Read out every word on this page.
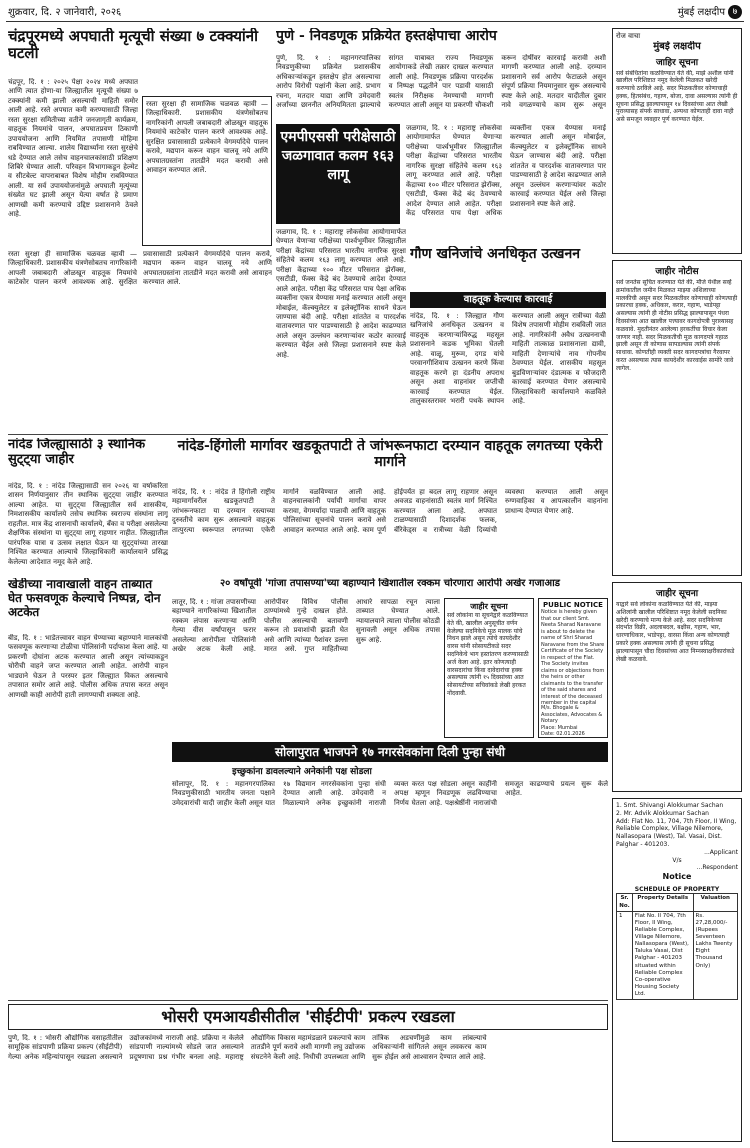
शुक्रवार, दि. २ जानेवारी, २०२६	मुंबई लक्षदीप ७
चंद्रपूरमध्ये अपघाती मृत्यूची संख्या ७ टक्क्यांनी घटली
चंद्रपूर, दि. १ : २०२५ पेक्षा २०२४ मध्ये अपघात आणि त्यात होणा-या जिल्ह्यातील मृत्यूची संख्या ७ टक्क्यांनी कमी झाली असल्याची माहिती समोर आली आहे. रस्ते अपघात कमी करण्यासाठी जिल्हा रस्ता सुरक्षा समितीच्या वतीने जनजागृती कार्यक्रम, वाहतूक नियमांचे पालन, अपघातप्रवण ठिकाणी उपाययोजना आणि नियमित तपासणी मोहिमा राबविण्यात आल्या. शालेय विद्यार्थ्यांना रस्ता सुरक्षेचे धडे देण्यात आले तसेच वाहनचालकांसाठी प्रशिक्षण शिबिरे घेण्यात आली. परिवहन विभागाकडून हेल्मेट व सीटबेल्ट वापराबाबत विशेष मोहीम राबविण्यात आली. या सर्व उपाययोजनांमुळे अपघाती मृत्यूंच्या संख्येत घट झाली असून येत्या वर्षात हे प्रमाण आणखी कमी करण्याचे उद्दिष्ट प्रशासनाने ठेवले आहे.
रस्ता सुरक्षा ही सामाजिक चळवळ व्हावी — जिल्हाधिकारी. प्रशासकीय यंत्रणेसोबतच नागरिकांनी आपली जबाबदारी ओळखून वाहतूक नियमांचे काटेकोर पालन करणे आवश्यक आहे. सुरक्षित प्रवासासाठी प्रत्येकाने वेगमर्यादेचे पालन करावे, मद्यपान करून वाहन चालवू नये आणि अपघातग्रस्तांना तातडीने मदत करावी असे आवाहन करण्यात आले.
रस्ता सुरक्षा ही सामाजिक चळवळ व्हावी — जिल्हाधिकारी. प्रशासकीय यंत्रणेसोबतच नागरिकांनी आपली जबाबदारी ओळखून वाहतूक नियमांचे काटेकोर पालन करणे आवश्यक आहे. सुरक्षित प्रवासासाठी प्रत्येकाने वेगमर्यादेचे पालन करावे, मद्यपान करून वाहन चालवू नये आणि अपघातग्रस्तांना तातडीने मदत करावी असे आवाहन करण्यात आले.
पुणे - निवडणूक प्रक्रियेत हस्तक्षेपाचा आरोप
पुणे, दि. १ : महानगरपालिका निवडणुकीच्या प्रक्रियेत प्रशासकीय अधिकाऱ्यांकडून हस्तक्षेप होत असल्याचा आरोप विरोधी पक्षांनी केला आहे. प्रभाग रचना, मतदार याद्या आणि उमेदवारी अर्जांच्या छाननीत अनियमितता झाल्याचे सांगत याबाबत राज्य निवडणूक आयोगाकडे लेखी तक्रार दाखल करण्यात आली आहे. निवडणूक प्रक्रिया पारदर्शक व निष्पक्ष पद्धतीने पार पडावी यासाठी स्वतंत्र निरीक्षक नेमण्याची मागणी करण्यात आली असून या प्रकरणी चौकशी करून दोषींवर कारवाई करावी अशी मागणी करण्यात आली आहे. दरम्यान प्रशासनाने सर्व आरोप फेटाळले असून संपूर्ण प्रक्रिया नियमानुसार सुरू असल्याचे स्पष्ट केले आहे. मतदार यादीतील दुबार नावे वगळण्याचे काम सुरू असून
एमपीएससी परीक्षेसाठी जळगावात कलम १६३ लागू
जळगाव, दि. १ : महाराष्ट्र लोकसेवा आयोगामार्फत घेण्यात येणाऱ्या परीक्षेच्या पार्श्वभूमीवर जिल्ह्यातील परीक्षा केंद्रांच्या परिसरात भारतीय नागरिक सुरक्षा संहितेचे कलम १६३ लागू करण्यात आले आहे. परीक्षा केंद्राच्या १०० मीटर परिसरात झेरॉक्स, एसटीडी, फॅक्स केंद्रे बंद ठेवण्याचे आदेश देण्यात आले आहेत. परीक्षा केंद्र परिसरात पाच पेक्षा अधिक व्यक्तींना एकत्र येण्यास मनाई करण्यात आली असून मोबाईल, कॅल्क्युलेटर व इलेक्ट्रॉनिक साधने घेऊन जाण्यास बंदी आहे. परीक्षा शांततेत व पारदर्शक वातावरणात पार पाडण्यासाठी हे आदेश काढण्यात आले असून उल्लंघन करणाऱ्यांवर कठोर कारवाई करण्यात येईल असे जिल्हा प्रशासनाने स्पष्ट केले आहे.
जळगाव, दि. १ : महाराष्ट्र लोकसेवा आयोगामार्फत घेण्यात येणाऱ्या परीक्षेच्या पार्श्वभूमीवर जिल्ह्यातील परीक्षा केंद्रांच्या परिसरात भारतीय नागरिक सुरक्षा संहितेचे कलम १६३ लागू करण्यात आले आहे. परीक्षा केंद्राच्या १०० मीटर परिसरात झेरॉक्स, एसटीडी, फॅक्स केंद्रे बंद ठेवण्याचे आदेश देण्यात आले आहेत. परीक्षा केंद्र परिसरात पाच पेक्षा अधिक व्यक्तींना एकत्र येण्यास मनाई करण्यात आली असून मोबाईल, कॅल्क्युलेटर व इलेक्ट्रॉनिक साधने घेऊन जाण्यास बंदी आहे. परीक्षा शांततेत व पारदर्शक वातावरणात पार पाडण्यासाठी हे आदेश काढण्यात आले असून उल्लंघन करणाऱ्यांवर कठोर कारवाई करण्यात येईल असे जिल्हा प्रशासनाने स्पष्ट केले आहे.
गौण खनिजांचे अनधिकृत उत्खनन
वाहतूक केल्यास कारवाई
नांदेड, दि. १ : जिल्ह्यात गौण खनिजांचे अनधिकृत उत्खनन व वाहतूक करणाऱ्यांविरुद्ध महसूल प्रशासनाने कडक भूमिका घेतली आहे. वाळू, मुरूम, दगड यांचे परवानगीशिवाय उत्खनन करणे किंवा वाहतूक करणे हा दंडनीय अपराध असून अशा वाहनांवर जप्तीची कारवाई करण्यात येईल. तालुकास्तरावर भरारी पथके स्थापन करण्यात आली असून रात्रीच्या वेळी विशेष तपासणी मोहीम राबविली जात आहे. नागरिकांनी अवैध उत्खननाची माहिती तात्काळ प्रशासनाला द्यावी, माहिती देणाऱ्यांचे नाव गोपनीय ठेवण्यात येईल. शासकीय महसूल बुडविणाऱ्यांवर दंडात्मक व फौजदारी कारवाई करण्यात येणार असल्याचे जिल्हाधिकारी कार्यालयाने कळविले आहे.
रोज वाचा
मुंबई लक्षदीप
जाहिर सूचना
सर्व संबंधितांना कळविण्यात येते की, माझे अशील यांनी खालील परिशिष्टात नमूद केलेली मिळकत खरेदी करण्याचे ठरविले आहे. सदर मिळकतीवर कोणाचाही हक्क, हितसंबंध, गहाण, बोजा, दावा असल्यास त्यांनी ही सूचना प्रसिद्ध झाल्यापासून १४ दिवसांच्या आत लेखी पुराव्यासह संपर्क साधावा, अन्यथा कोणताही दावा नाही असे समजून व्यवहार पूर्ण करण्यात येईल.
जाहीर नोटीस
सर्व जनतेस सूचित करण्यात येते की, मौजे येथील सर्व्हे क्रमांकातील जमीन मिळकत माझ्या अशिलाच्या मालकीची असून सदर मिळकतीवर कोणाचाही कोणत्याही प्रकारचा हक्क, अधिकार, करार, गहाण, भाडेपट्टा असल्यास त्यांनी ही नोटीस प्रसिद्ध झाल्यापासून पंधरा दिवसांच्या आत खालील पत्त्यावर कागदोपत्री पुराव्यासह कळवावे. मुदतीनंतर आलेल्या हरकतींचा विचार केला जाणार नाही. सदर मिळकतीची मूळ कागदपत्रे गहाळ झाली असून ती कोणास सापडल्यास त्यांनी संपर्क साधावा. कोणतीही व्यक्ती सदर कागदपत्रांचा गैरवापर करत असल्यास त्यास कायदेशीर कारवाईस सामोरे जावे लागेल.
नांदेड जिल्ह्यासाठी ३ स्थानिक सुट्ट्या जाहीर
नांदेड, दि. १ : नांदेड जिल्ह्यासाठी सन २०२६ या वर्षाकरिता शासन निर्णयानुसार तीन स्थानिक सुट्ट्या जाहीर करण्यात आल्या आहेत. या सुट्ट्या जिल्ह्यातील सर्व शासकीय, निमशासकीय कार्यालये तसेच स्थानिक स्वराज्य संस्थांना लागू राहतील. मात्र केंद्र शासनाची कार्यालये, बँका व परीक्षा असलेल्या शैक्षणिक संस्थांना या सुट्ट्या लागू राहणार नाहीत. जिल्ह्यातील पारंपरिक यात्रा व उत्सव लक्षात घेऊन या सुट्ट्यांच्या तारखा निश्चित करण्यात आल्याचे जिल्हाधिकारी कार्यालयाने प्रसिद्ध केलेल्या आदेशात नमूद केले आहे.
नांदेड-हिंगोली मार्गावर खडकूतपाटी ते जांभरूनफाटा दरम्यान वाहतूक लगतच्या एकेरी मार्गाने
नांदेड, दि. १ : नांदेड ते हिंगोली राष्ट्रीय महामार्गावरील खडकूतपाटी ते जांभरूनफाटा या दरम्यान रस्त्याच्या दुरुस्तीचे काम सुरू असल्याने वाहतूक तात्पुरत्या स्वरूपात लगतच्या एकेरी मार्गाने वळविण्यात आली आहे. वाहनचालकांनी पर्यायी मार्गाचा वापर करावा, वेगमर्यादा पाळावी आणि वाहतूक पोलिसांच्या सूचनांचे पालन करावे असे आवाहन करण्यात आले आहे. काम पूर्ण होईपर्यंत हा बदल लागू राहणार असून अवजड वाहनांसाठी स्वतंत्र मार्ग निश्चित करण्यात आला आहे. अपघात टाळण्यासाठी दिशादर्शक फलक, बॅरिकेड्स व रात्रीच्या वेळी दिव्यांची व्यवस्था करण्यात आली असून रुग्णवाहिका व आपत्कालीन वाहनांना प्राधान्य देण्यात येणार आहे.
खेडीच्या नावाखाली वाहन ताब्यात घेत फसवणूक केल्याचे निष्पन्न, दोन अटकेत
बीड, दि. १ : भाडेतत्त्वावर वाहन घेण्याच्या बहाण्याने मालकांची फसवणूक करणाऱ्या टोळीचा पोलिसांनी पर्दाफाश केला आहे. या प्रकरणी दोघांना अटक करण्यात आली असून त्यांच्याकडून चोरीची वाहने जप्त करण्यात आली आहेत. आरोपी वाहन भाड्याने घेऊन ते परस्पर इतर जिल्ह्यात विकत असल्याचे तपासात समोर आले आहे. पोलीस अधिक तपास करत असून आणखी काही आरोपी हाती लागण्याची शक्यता आहे.
२० वर्षांपूर्वी 'गांजा तपासण्या'च्या बहाण्याने खिशातील रक्कम चोरणारा आरोपी अखेर गजाआड
लातूर, दि. १ : गांजा तपासणीच्या बहाण्याने नागरिकांच्या खिशातील रक्कम लंपास करणाऱ्या आणि गेल्या वीस वर्षांपासून फरार असलेल्या आरोपीला पोलिसांनी अखेर अटक केली आहे. आरोपीवर विविध पोलीस ठाण्यांमध्ये गुन्हे दाखल होते. पोलीस असल्याची बतावणी करून तो प्रवाशांची झडती घेत असे आणि त्यांच्या पैशांवर डल्ला मारत असे. गुप्त माहितीच्या आधारे सापळा रचून त्याला ताब्यात घेण्यात आले. न्यायालयाने त्याला पोलीस कोठडी सुनावली असून अधिक तपास सुरू आहे.
जाहीर सूचना
सर्व लोकांना या सूचनेद्वारे कळविण्यात येते की, खालील अनुसूचीत वर्णन केलेल्या सदनिकेचे मूळ मालक यांचे निधन झाले असून त्यांचे कायदेशीर वारस यांनी सोसायटीकडे सदर सदनिकेचे भाग हस्तांतरण करण्यासाठी अर्ज केला आहे. इतर कोणत्याही वारसदारांचा किंवा दावेदारांचा हक्क असल्यास त्यांनी १५ दिवसांच्या आत सोसायटीच्या सचिवांकडे लेखी हरकत नोंदवावी.
PUBLIC NOTICE
Notice is hereby given that our client Smt. Neeta Sharad Naravane is about to delete the name of Shri Sharad Naravane from the Share Certificate of the Society in respect of the Flat. The Society invites claims or objections from the heirs or other claimants to the transfer of the said shares and interest of the deceased member in the capital
M/s. Bhogale & Associates, Advocates & Notary
Place: Mumbai
Date: 02.01.2026
सोलापुरात भाजपने १७ नगरसेवकांना दिली पुन्हा संधी
इच्छुकांना डावलल्याने अनेकांनी पक्ष सोडला
सोलापूर, दि. १ : महानगरपालिका निवडणुकीसाठी भारतीय जनता पक्षाने उमेदवारांची यादी जाहीर केली असून यात १७ विद्यमान नगरसेवकांना पुन्हा संधी देण्यात आली आहे. उमेदवारी न मिळाल्याने अनेक इच्छुकांनी नाराजी व्यक्त करत पक्ष सोडला असून काहींनी अपक्ष म्हणून निवडणूक लढविण्याचा निर्णय घेतला आहे. पक्षश्रेष्ठींनी नाराजांची समजूत काढण्याचे प्रयत्न सुरू केले आहेत.
जाहीर सूचना
याद्वारे सर्व लोकांना कळविण्यात येते की, माझ्या अशिलांनी खालील परिशिष्टात नमूद केलेली सदनिका खरेदी करण्याचे मान्य केले आहे. सदर सदनिकेच्या संदर्भात विक्री, अदलाबदल, बक्षीस, गहाण, भार, धारणाधिकार, भाडेपट्टा, वारसा किंवा अन्य कोणत्याही प्रकारे हक्क असल्यास त्यांनी ही सूचना प्रसिद्ध झाल्यापासून चौदा दिवसांच्या आत निम्नस्वाक्षरीकारांकडे लेखी कळवावे.
1. Smt. Shivangi Alokkumar Sachan
2. Mr. Advik Alokkumar Sachan
Add: Flat No. 11, 704, 7th Floor, II Wing, Reliable Complex, Village Nilemore, Nallasopara (West), Tal. Vasai, Dist. Palghar - 401203.
...Applicant
V/s
...Respondent
Notice
SCHEDULE OF PROPERTY
Sr. No.	Property Details	Valuation
1	Flat No. II 704, 7th Floor, II Wing, Reliable Complex, Village Nilemore, Nallasopara (West), Taluka Vasai, Dist Palghar - 401203 situated within Reliable Complex Co-operative Housing Society Ltd.	Rs. 27,28,000/- (Rupees Seventeen Lakhs Twenty Eight Thousand Only)
भोसरी एमआयडीसीतील 'सीईटीपी' प्रकल्प रखडला
पुणे, दि. १ : भोसरी औद्योगिक वसाहतीतील सामूहिक सांडपाणी प्रक्रिया प्रकल्प (सीईटीपी) गेल्या अनेक महिन्यांपासून रखडला असल्याने उद्योजकांमध्ये नाराजी आहे. प्रक्रिया न केलेले सांडपाणी नाल्यांमध्ये सोडले जात असल्याने प्रदूषणाचा प्रश्न गंभीर बनला आहे. महाराष्ट्र औद्योगिक विकास महामंडळाने प्रकल्पाचे काम तातडीने पूर्ण करावे अशी मागणी लघु उद्योजक संघटनेने केली आहे. निधीची उपलब्धता आणि तांत्रिक अडचणींमुळे काम लांबल्याचे अधिकाऱ्यांनी सांगितले असून लवकरच काम सुरू होईल असे आश्वासन देण्यात आले आहे.
